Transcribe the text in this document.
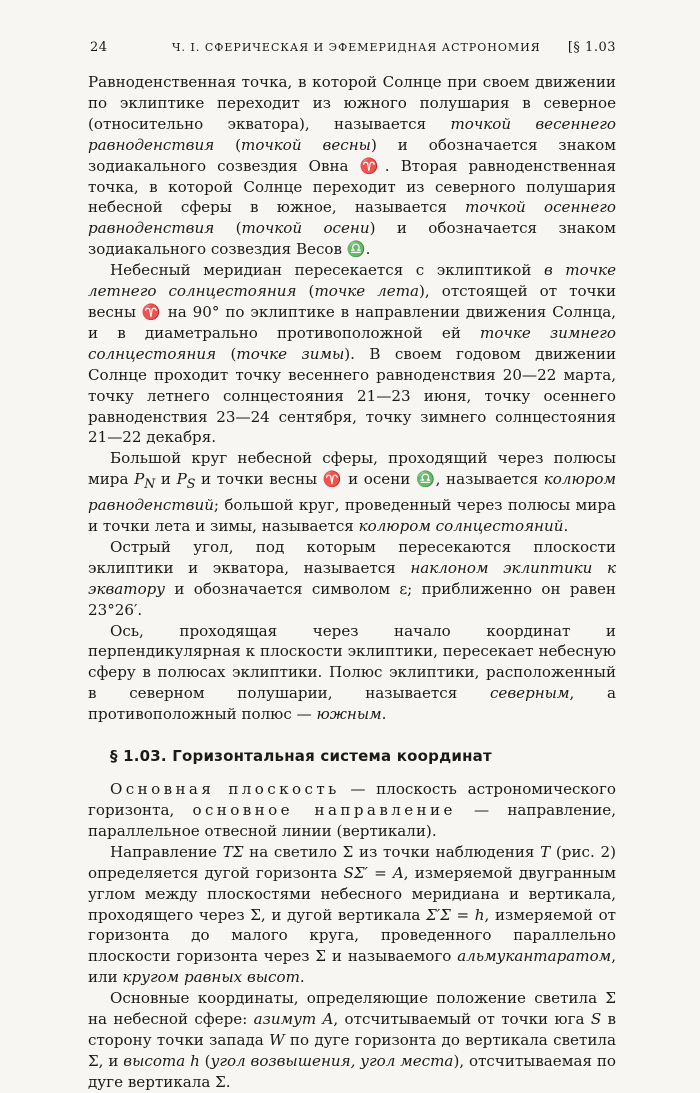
24	Ч. I. СФЕРИЧЕСКАЯ И ЭФЕМЕРИДНАЯ АСТРОНОМИЯ [§ 1.03

Равноденственная точка, в которой Солнце при своем движении по эклиптике переходит из южного полушария в северное (относительно экватора), называется точкой весеннего равноденствия (точкой весны) и обозначается знаком зодиакального созвездия Овна ♈. Вторая равноденственная точка, в которой Солнце переходит из северного полушария небесной сферы в южное, называется точкой осеннего равноденствия (точкой осени) и обозначается знаком зодиакального созвездия Весов ♎.

Небесный меридиан пересекается с эклиптикой в точке летнего солнцестояния (точке лета), отстоящей от точки весны ♈ на 90° по эклиптике в направлении движения Солнца, и в диаметрально противоположной ей точке зимнего солнцестояния (точке зимы). В своем годовом движении Солнце проходит точку весеннего равноденствия 20—22 марта, точку летнего солнцестояния 21—23 июня, точку осеннего равноденствия 23—24 сентября, точку зимнего солнцестояния 21—22 декабря.

Большой круг небесной сферы, проходящий через полюсы мира $P_N$ и $P_S$ и точки весны ♈ и осени ♎, называется колюром равноденствий; большой круг, проведенный через полюсы мира и точки лета и зимы, называется колюром солнцестояний.

Острый угол, под которым пересекаются плоскости эклиптики и экватора, называется наклоном эклиптики к экватору и обозначается символом ε; приближенно он равен 23°26′.

Ось, проходящая через начало координат и перпендикулярная к плоскости эклиптики, пересекает небесную сферу в полюсах эклиптики. Полюс эклиптики, расположенный в северном полушарии, называется северным, а противоположный полюс — южным.

§ 1.03. Горизонтальная система координат

Основная плоскость — плоскость астрономического горизонта, основное направление — направление, параллельное отвесной линии (вертикали).

Направление TΣ на светило Σ из точки наблюдения T (рис. 2) определяется дугой горизонта SΣ′ = A, измеряемой двугранным углом между плоскостями небесного меридиана и вертикала, проходящего через Σ, и дугой вертикала Σ′Σ = h, измеряемой от горизонта до малого круга, проведенного параллельно плоскости горизонта через Σ и называемого альмукантаратом, или кругом равных высот.

Основные координаты, определяющие положение светила Σ на небесной сфере: азимут A, отсчитываемый от точки юга S в сторону точки запада W по дуге горизонта до вертикала светила Σ, и высота h (угол возвышения, угол места), отсчитываемая по дуге вертикала Σ.
